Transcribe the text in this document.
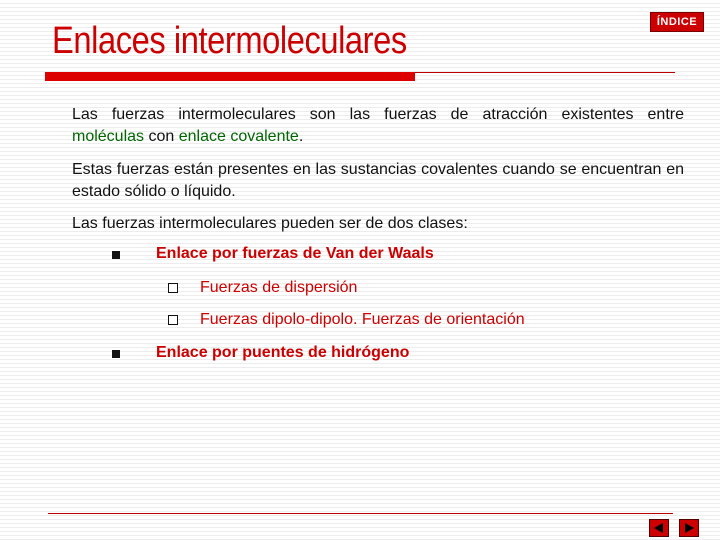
Enlaces intermoleculares	ÍNDICE

Las fuerzas intermoleculares son las fuerzas de atracción existentes entre

moléculas con enlace covalente.

Estas fuerzas están presentes en las sustancias covalentes cuando se encuentran en estado sólido o líquido.

Las fuerzas intermoleculares pueden ser de dos clases:

Enlace por fuerzas de Van der Waals
Fuerzas de dispersión
Fuerzas dipolo-dipolo. Fuerzas de orientación
Enlace por puentes de hidrógeno
